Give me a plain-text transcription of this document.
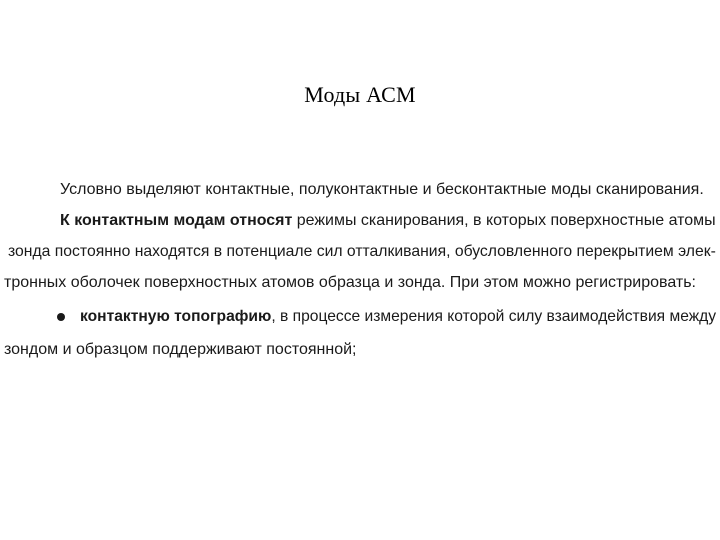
Моды АСМ
Условно выделяют контактные, полуконтактные и бесконтактные моды сканирования.
К контактным модам относят режимы сканирования, в которых поверхностные атомы
зонда постоянно находятся в потенциале сил отталкивания, обусловленного перекрытием элек-
тронных оболочек поверхностных атомов образца и зонда. При этом можно регистрировать:
контактную топографию, в процессе измерения которой силу взаимодействия между
зондом и образцом поддерживают постоянной;
